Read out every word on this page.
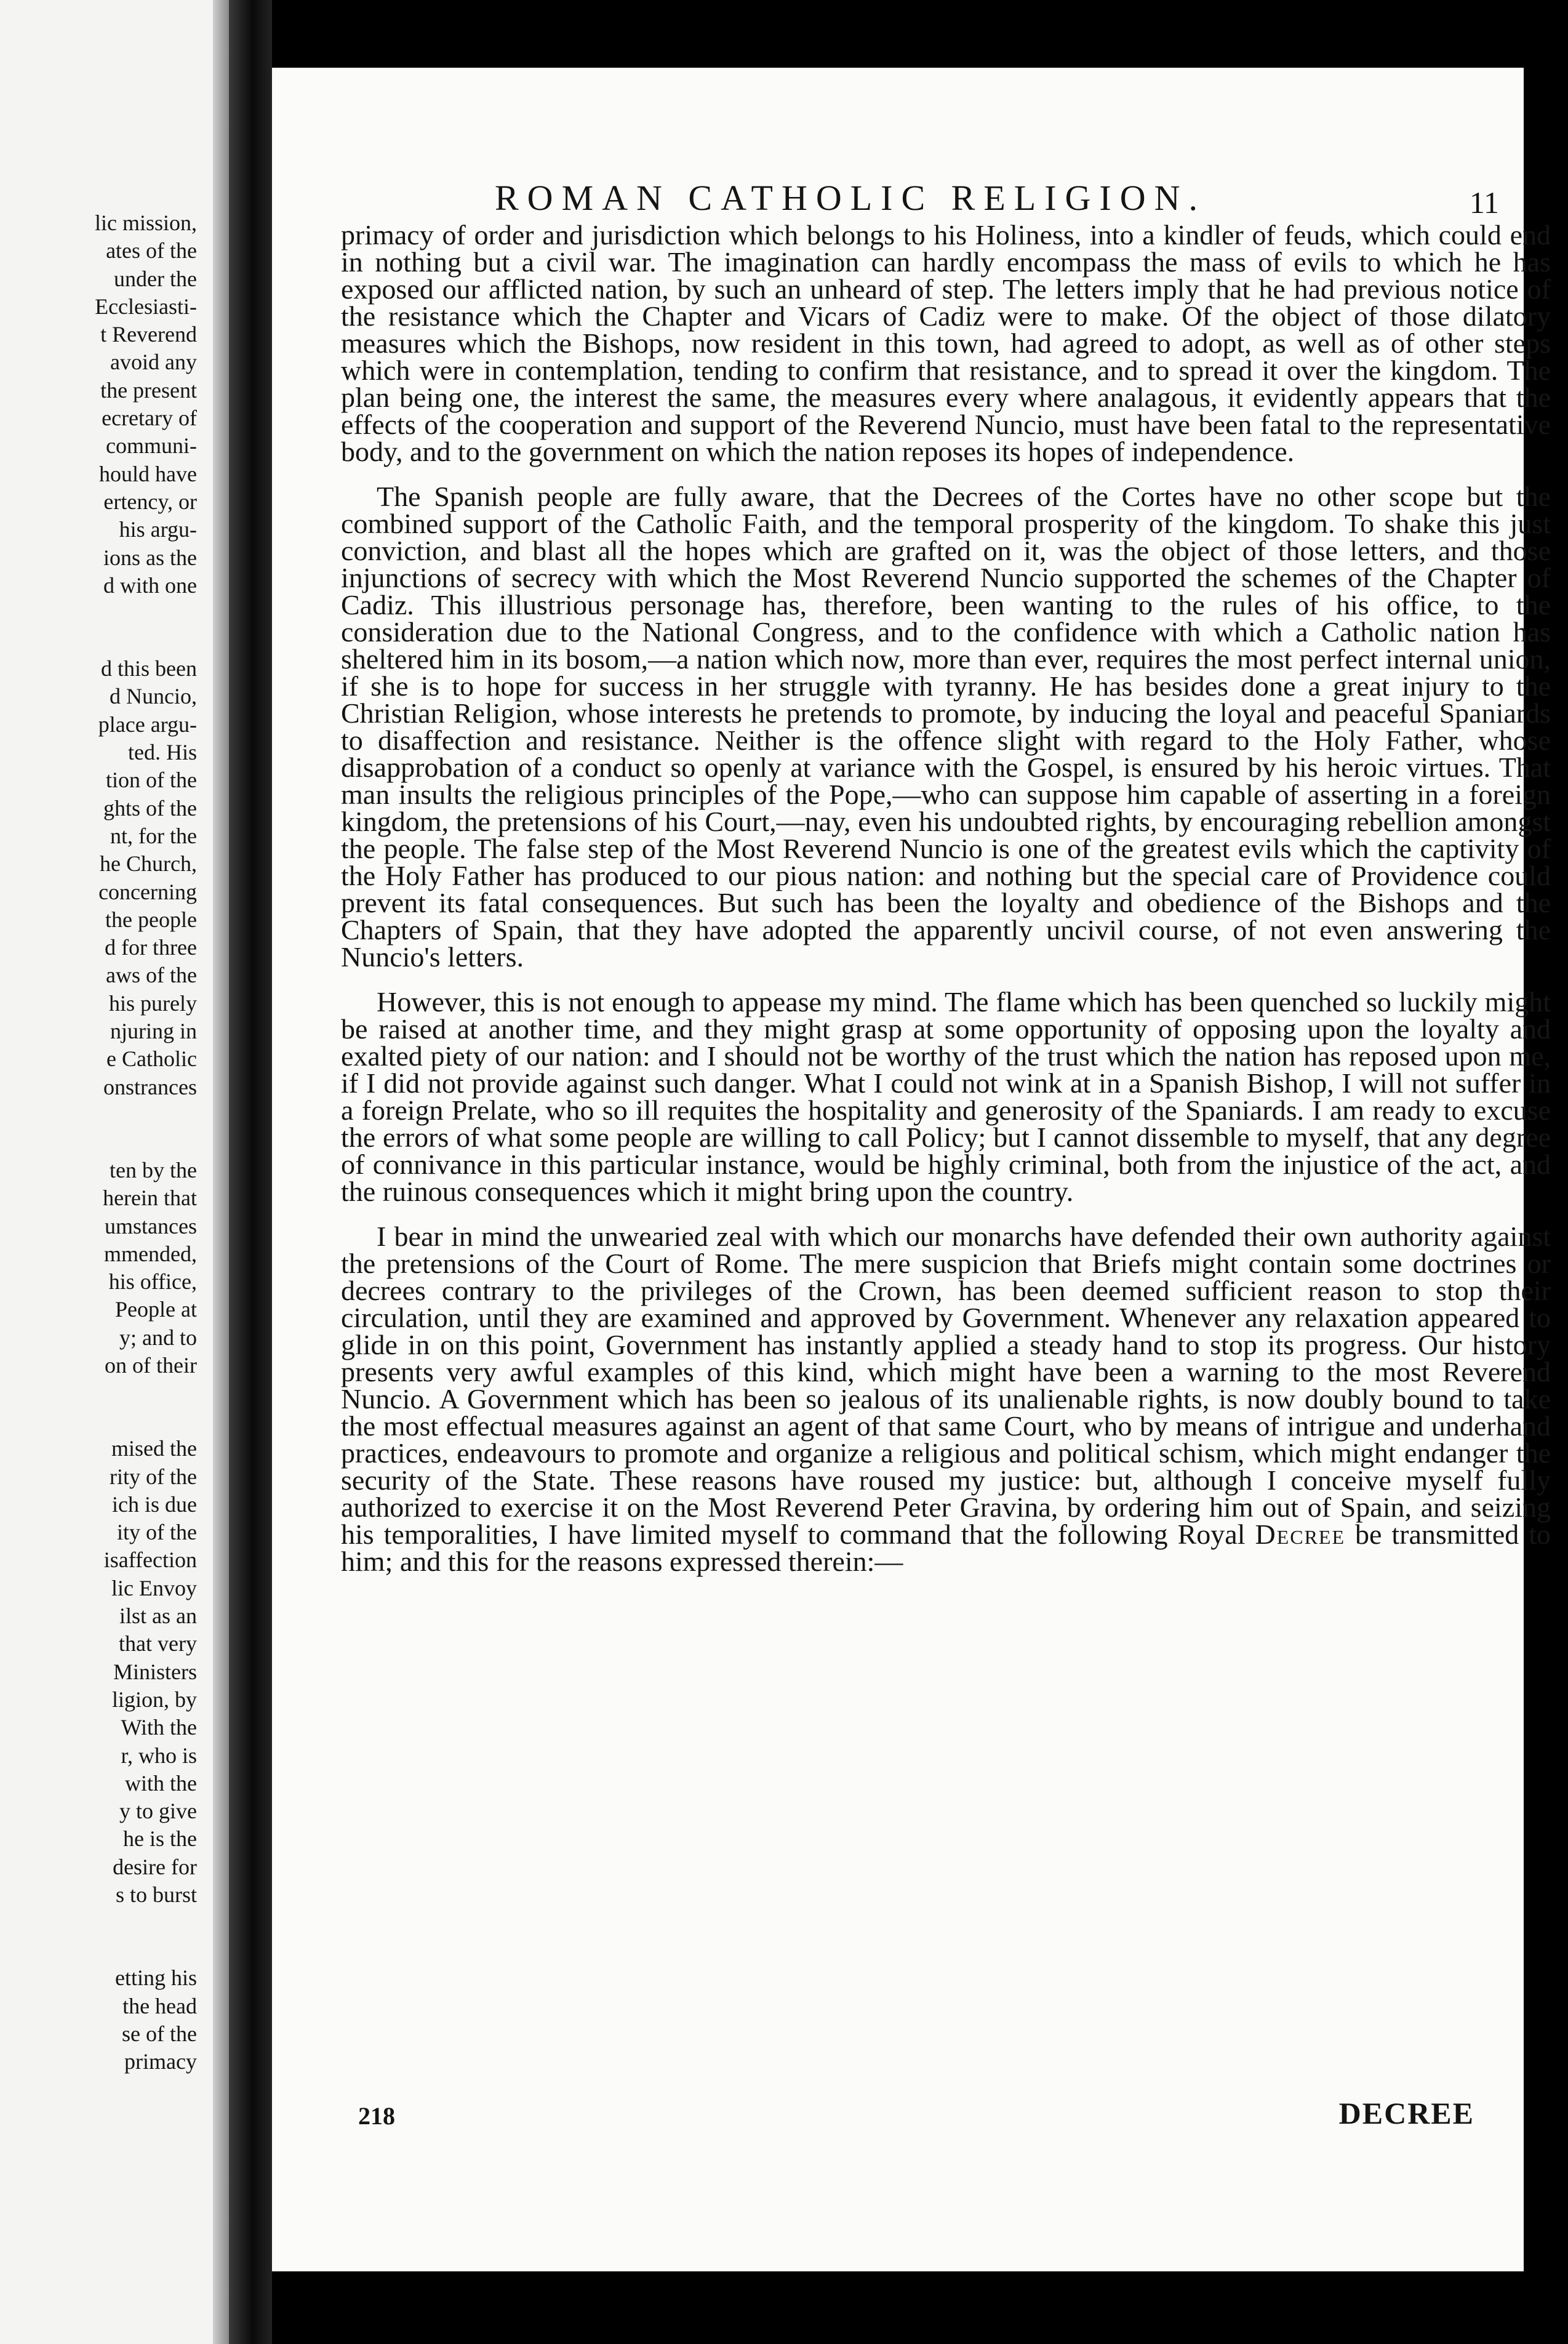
lic mission,
ates of the
under the
Ecclesiasti-
t Reverend
avoid any
the present
ecretary of
communi-
hould have
ertency, or
his argu-
ions as the
d with one
d this been
d Nuncio,
place argu-
ted. His
tion of the
ghts of the
nt, for the
he Church,
concerning
the people
d for three
aws of the
his purely
njuring in
e Catholic
onstrances
ten by the
herein that
umstances
mmended,
his office,
People at
y; and to
on of their
mised the
rity of the
ich is due
ity of the
isaffection
lic Envoy
ilst as an
that very
Ministers
ligion, by
With the
r, who is
with the
y to give
he is the
desire for
s to burst
etting his
the head
se of the
primacy
ROMAN CATHOLIC RELIGION.	11

primacy of order and jurisdiction which belongs to his Holiness, into a kindler of feuds, which could end in nothing but a civil war. The imagination can hardly encompass the mass of evils to which he has exposed our afflicted nation, by such an unheard of step. The letters imply that he had previous notice of the resistance which the Chapter and Vicars of Cadiz were to make. Of the object of those dilatory measures which the Bishops, now resident in this town, had agreed to adopt, as well as of other steps which were in contemplation, tending to confirm that resistance, and to spread it over the kingdom. The plan being one, the interest the same, the measures every where analagous, it evidently appears that the effects of the cooperation and support of the Reverend Nuncio, must have been fatal to the representative body, and to the government on which the nation reposes its hopes of independence.

The Spanish people are fully aware, that the Decrees of the Cortes have no other scope but the combined support of the Catholic Faith, and the temporal prosperity of the kingdom. To shake this just conviction, and blast all the hopes which are grafted on it, was the object of those letters, and those injunctions of secrecy with which the Most Reverend Nuncio supported the schemes of the Chapter of Cadiz. This illustrious personage has, therefore, been wanting to the rules of his office, to the consideration due to the National Congress, and to the confidence with which a Catholic nation has sheltered him in its bosom,—a nation which now, more than ever, requires the most perfect internal union, if she is to hope for success in her struggle with tyranny. He has besides done a great injury to the Christian Religion, whose interests he pretends to promote, by inducing the loyal and peaceful Spaniards to disaffection and resistance. Neither is the offence slight with regard to the Holy Father, whose disapprobation of a conduct so openly at variance with the Gospel, is ensured by his heroic virtues. That man insults the religious principles of the Pope,—who can suppose him capable of asserting in a foreign kingdom, the pretensions of his Court,—nay, even his undoubted rights, by encouraging rebellion amongst the people. The false step of the Most Reverend Nuncio is one of the greatest evils which the captivity of the Holy Father has produced to our pious nation: and nothing but the special care of Providence could prevent its fatal consequences. But such has been the loyalty and obedience of the Bishops and the Chapters of Spain, that they have adopted the apparently uncivil course, of not even answering the Nuncio's letters.

However, this is not enough to appease my mind. The flame which has been quenched so luckily might be raised at another time, and they might grasp at some opportunity of opposing upon the loyalty and exalted piety of our nation: and I should not be worthy of the trust which the nation has reposed upon me, if I did not provide against such danger. What I could not wink at in a Spanish Bishop, I will not suffer in a foreign Prelate, who so ill requites the hospitality and generosity of the Spaniards. I am ready to excuse the errors of what some people are willing to call Policy; but I cannot dissemble to myself, that any degree of connivance in this particular instance, would be highly criminal, both from the injustice of the act, and the ruinous consequences which it might bring upon the country.

I bear in mind the unwearied zeal with which our monarchs have defended their own authority against the pretensions of the Court of Rome. The mere suspicion that Briefs might contain some doctrines or decrees contrary to the privileges of the Crown, has been deemed sufficient reason to stop their circulation, until they are examined and approved by Government. Whenever any relaxation appeared to glide in on this point, Government has instantly applied a steady hand to stop its progress. Our history presents very awful examples of this kind, which might have been a warning to the most Reverend Nuncio. A Government which has been so jealous of its unalienable rights, is now doubly bound to take the most effectual measures against an agent of that same Court, who by means of intrigue and underhand practices, endeavours to promote and organize a religious and political schism, which might endanger the security of the State. These reasons have roused my justice: but, although I conceive myself fully authorized to exercise it on the Most Reverend Peter Gravina, by ordering him out of Spain, and seizing his temporalities, I have limited myself to command that the following Royal Decree be transmitted to him; and this for the reasons expressed therein:—

218	DECREE
